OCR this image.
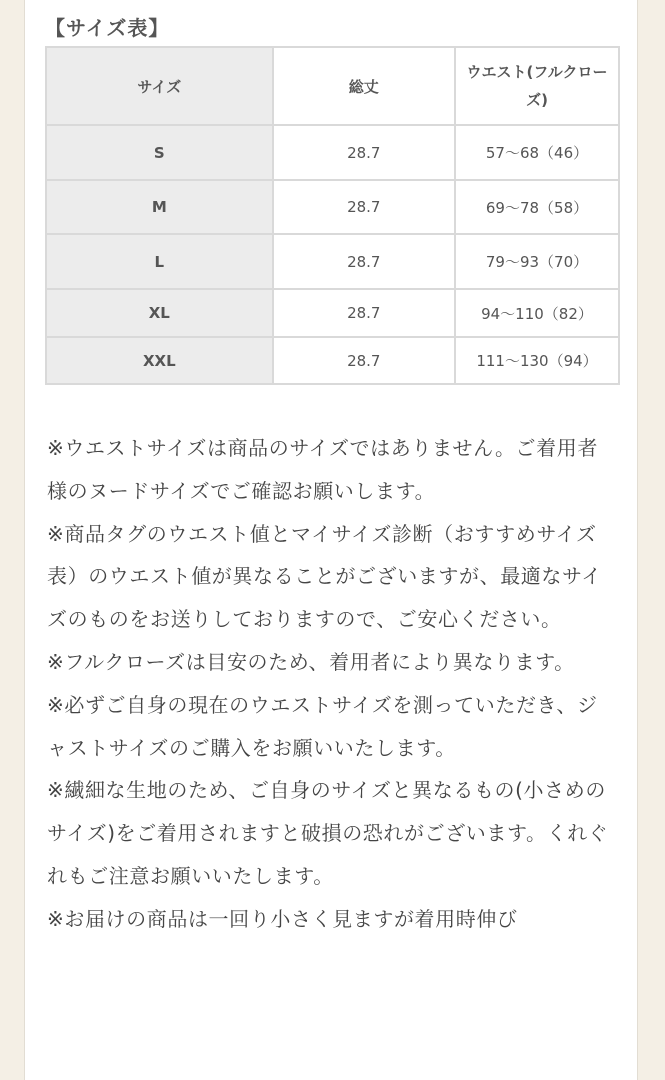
【サイズ表】
サイズ	総丈	ウエスト(フルクローズ)
S	28.7	57～68（46）
M	28.7	69～78（58）
L	28.7	79～93（70）
XL	28.7	94～110（82）
XXL	28.7	111～130（94）
※ウエストサイズは商品のサイズではありません。ご着用者様のヌードサイズでご確認お願いします。
※商品タグのウエスト値とマイサイズ診断（おすすめサイズ表）のウエスト値が異なることがございますが、最適なサイズのものをお送りしておりますので、ご安心ください。
※フルクローズは目安のため、着用者により異なります。
※必ずご自身の現在のウエストサイズを測っていただき、ジャストサイズのご購入をお願いいたします。
※繊細な生地のため、ご自身のサイズと異なるもの(小さめのサイズ)をご着用されますと破損の恐れがございます。くれぐれもご注意お願いいたします。
※お届けの商品は一回り小さく見ますが着用時伸び
